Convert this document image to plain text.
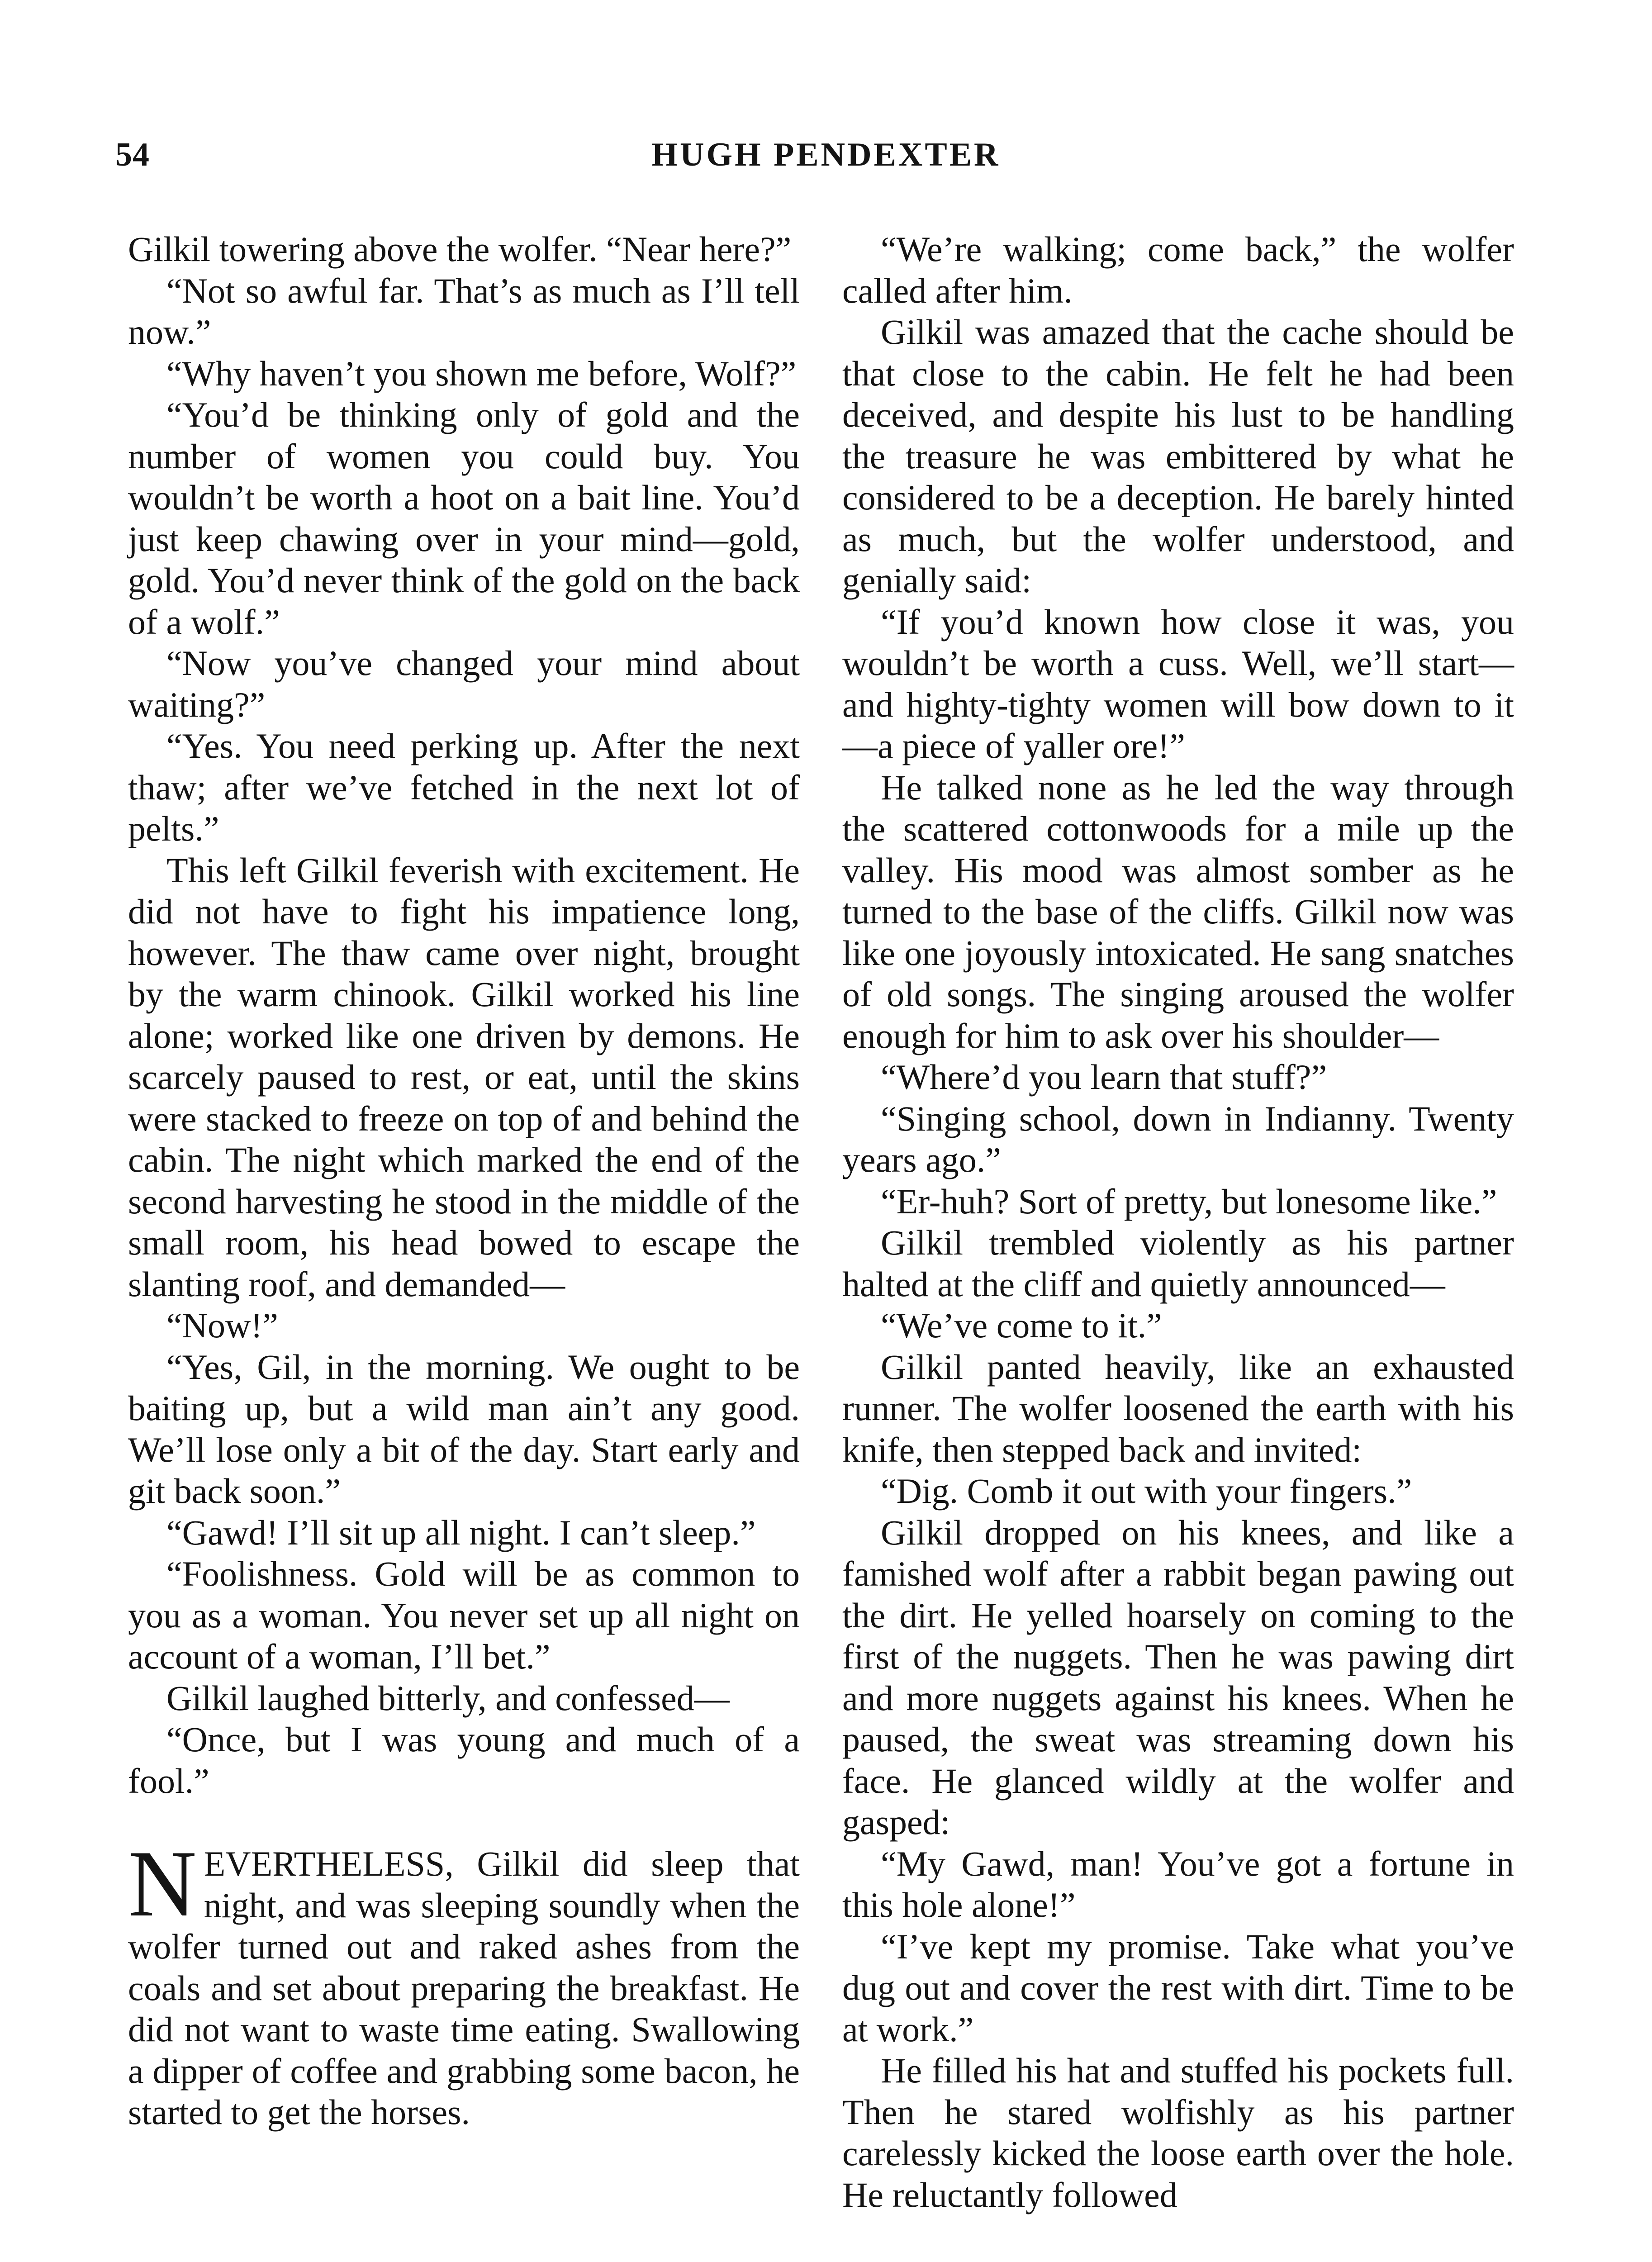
54	HUGH PENDEXTER

Gilkil towering above the wolfer. “Near here?”

“Not so awful far. That’s as much as I’ll tell now.”

“Why haven’t you shown me before, Wolf?”

“You’d be thinking only of gold and the number of women you could buy. You wouldn’t be worth a hoot on a bait line. You’d just keep chawing over in your mind—gold, gold. You’d never think of the gold on the back of a wolf.”

“Now you’ve changed your mind about waiting?”

“Yes. You need perking up. After the next thaw; after we’ve fetched in the next lot of pelts.”

This left Gilkil feverish with excitement. He did not have to fight his impatience long, however. The thaw came over night, brought by the warm chinook. Gilkil worked his line alone; worked like one driven by demons. He scarcely paused to rest, or eat, until the skins were stacked to freeze on top of and behind the cabin. The night which marked the end of the second harvesting he stood in the middle of the small room, his head bowed to escape the slanting roof, and demanded—

“Now!”

“Yes, Gil, in the morning. We ought to be baiting up, but a wild man ain’t any good. We’ll lose only a bit of the day. Start early and git back soon.”

“Gawd! I’ll sit up all night. I can’t sleep.”

“Foolishness. Gold will be as common to you as a woman. You never set up all night on account of a woman, I’ll bet.”

Gilkil laughed bitterly, and confessed—

“Once, but I was young and much of a fool.”

NEVERTHELESS, Gilkil did sleep that night, and was sleeping soundly when the wolfer turned out and raked ashes from the coals and set about preparing the breakfast. He did not want to waste time eating. Swallowing a dipper of coffee and grabbing some bacon, he started to get the horses.

“We’re walking; come back,” the wolfer called after him.

Gilkil was amazed that the cache should be that close to the cabin. He felt he had been deceived, and despite his lust to be handling the treasure he was embittered by what he considered to be a deception. He barely hinted as much, but the wolfer understood, and genially said:

“If you’d known how close it was, you wouldn’t be worth a cuss. Well, we’ll start—and highty-tighty women will bow down to it—a piece of yaller ore!”

He talked none as he led the way through the scattered cottonwoods for a mile up the valley. His mood was almost somber as he turned to the base of the cliffs. Gilkil now was like one joyously intoxicated. He sang snatches of old songs. The singing aroused the wolfer enough for him to ask over his shoulder—

“Where’d you learn that stuff?”

“Singing school, down in Indianny. Twenty years ago.”

“Er-huh? Sort of pretty, but lonesome like.”

Gilkil trembled violently as his partner halted at the cliff and quietly announced—

“We’ve come to it.”

Gilkil panted heavily, like an exhausted runner. The wolfer loosened the earth with his knife, then stepped back and invited:

“Dig. Comb it out with your fingers.”

Gilkil dropped on his knees, and like a famished wolf after a rabbit began pawing out the dirt. He yelled hoarsely on coming to the first of the nuggets. Then he was pawing dirt and more nuggets against his knees. When he paused, the sweat was streaming down his face. He glanced wildly at the wolfer and gasped:

“My Gawd, man! You’ve got a fortune in this hole alone!”

“I’ve kept my promise. Take what you’ve dug out and cover the rest with dirt. Time to be at work.”

He filled his hat and stuffed his pockets full. Then he stared wolfishly as his partner carelessly kicked the loose earth over the hole. He reluctantly followed
